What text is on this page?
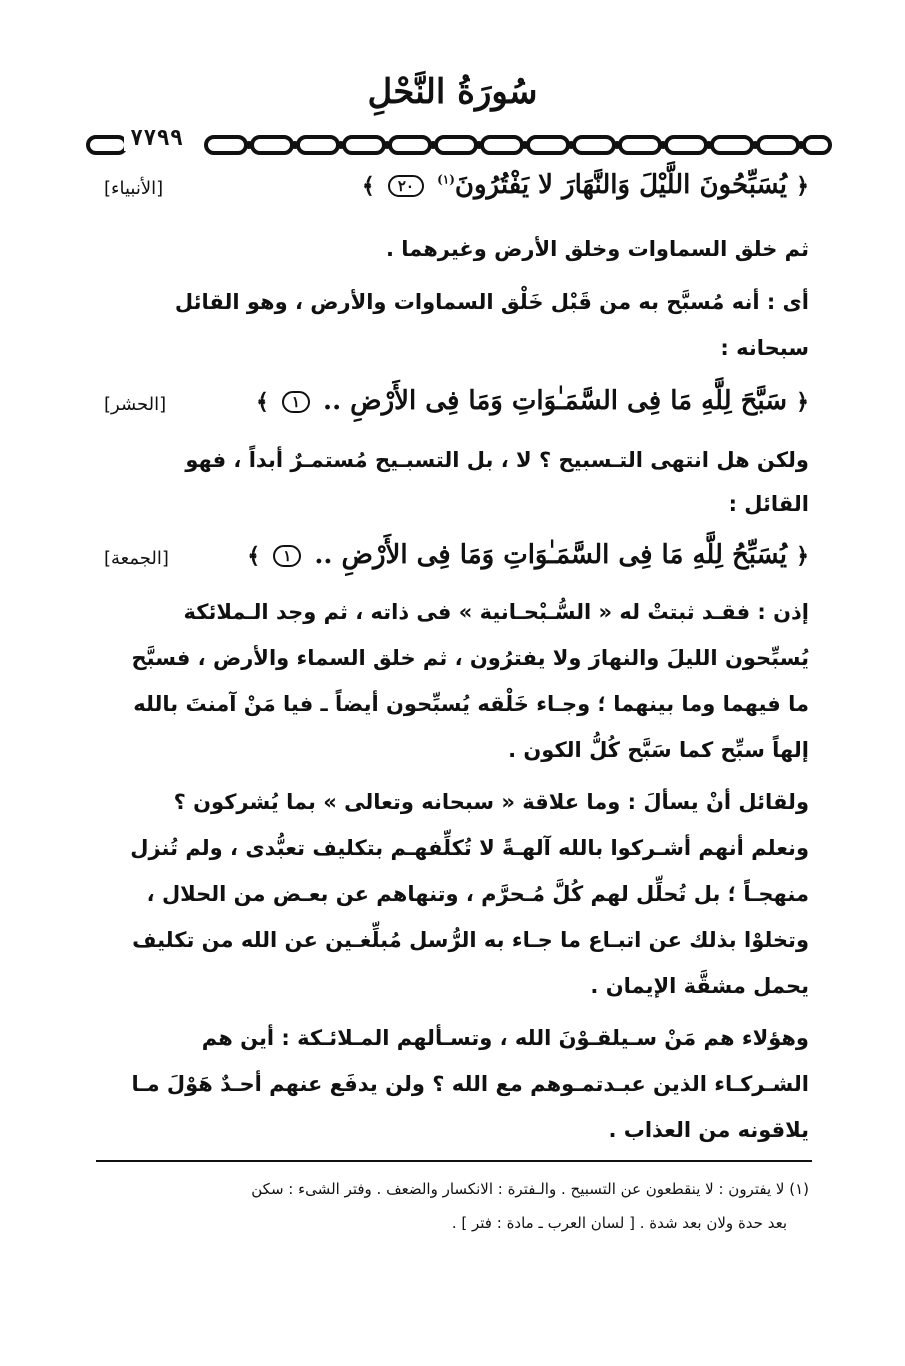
سُورَةُ النَّحْلِ
٧٧٩٩
﴿ يُسَبِّحُونَ اللَّيْلَ وَالنَّهَارَ لا يَفْتُرُونَ$^{(١)}$ ٢٠ ﴾
[الأنبياء]
ثم خلق السماوات وخلق الأرض وغيرهما .
أى : أنه مُسبَّح به من قَبْل خَلْق السماوات والأرض ، وهو القائل
سبحانه :
﴿ سَبَّحَ لِلَّهِ مَا فِى السَّمَـٰوَاتِ وَمَا فِى الأَرْضِ .. ١ ﴾
[الحشر]
ولكن هل انتهى التـسبيح ؟ لا ، بل التسبـيح مُستمـرٌ أبداً ، فهو
القائل :
﴿ يُسَبِّحُ لِلَّهِ مَا فِى السَّمَـٰوَاتِ وَمَا فِى الأَرْضِ .. ١ ﴾
[الجمعة]
إذن : فقـد ثبتتْ له « السُّـبْحـانية » فى ذاته ، ثم وجد الـملائكة
يُسبِّحون الليلَ والنهارَ ولا يفترُون ، ثم خلق السماء والأرض ، فسبَّح
ما فيهما وما بينهما ؛ وجـاء خَلْقه يُسبِّحون أيضاً ـ فيا مَنْ آمنتَ بالله
إلهاً سبِّح كما سَبَّح كُلُّ الكون .
ولقائل أنْ يسألَ : وما علاقة « سبحانه وتعالى » بما يُشركون ؟
ونعلم أنهم أشـركوا بالله آلهـةً لا تُكلِّفهـم بتكليف تعبُّدى ، ولم تُنزل
منهجـاً ؛ بل تُحلِّل لهم كُلَّ مُـحرَّم ، وتنهاهم عن بعـض من الحلال ،
وتخلوْا بذلك عن اتبـاع ما جـاء به الرُّسل مُبلِّغـين عن الله من تكليف
يحمل مشقَّة الإيمان .
وهؤلاء هم مَنْ سـيلقـوْنَ الله ، وتسـألهم المـلائـكة : أين هم
الشـركـاء الذين عبـدتمـوهم مع الله ؟ ولن يدفَع عنهم أحـدٌ هَوْلَ مـا
يلاقونه من العذاب .
(١) لا يفترون : لا ينقطعون عن التسبيح . والـفترة : الانكسار والضعف . وفتر الشىء : سكن
بعد حدة ولان بعد شدة . [ لسان العرب ـ مادة : فتر ] .
